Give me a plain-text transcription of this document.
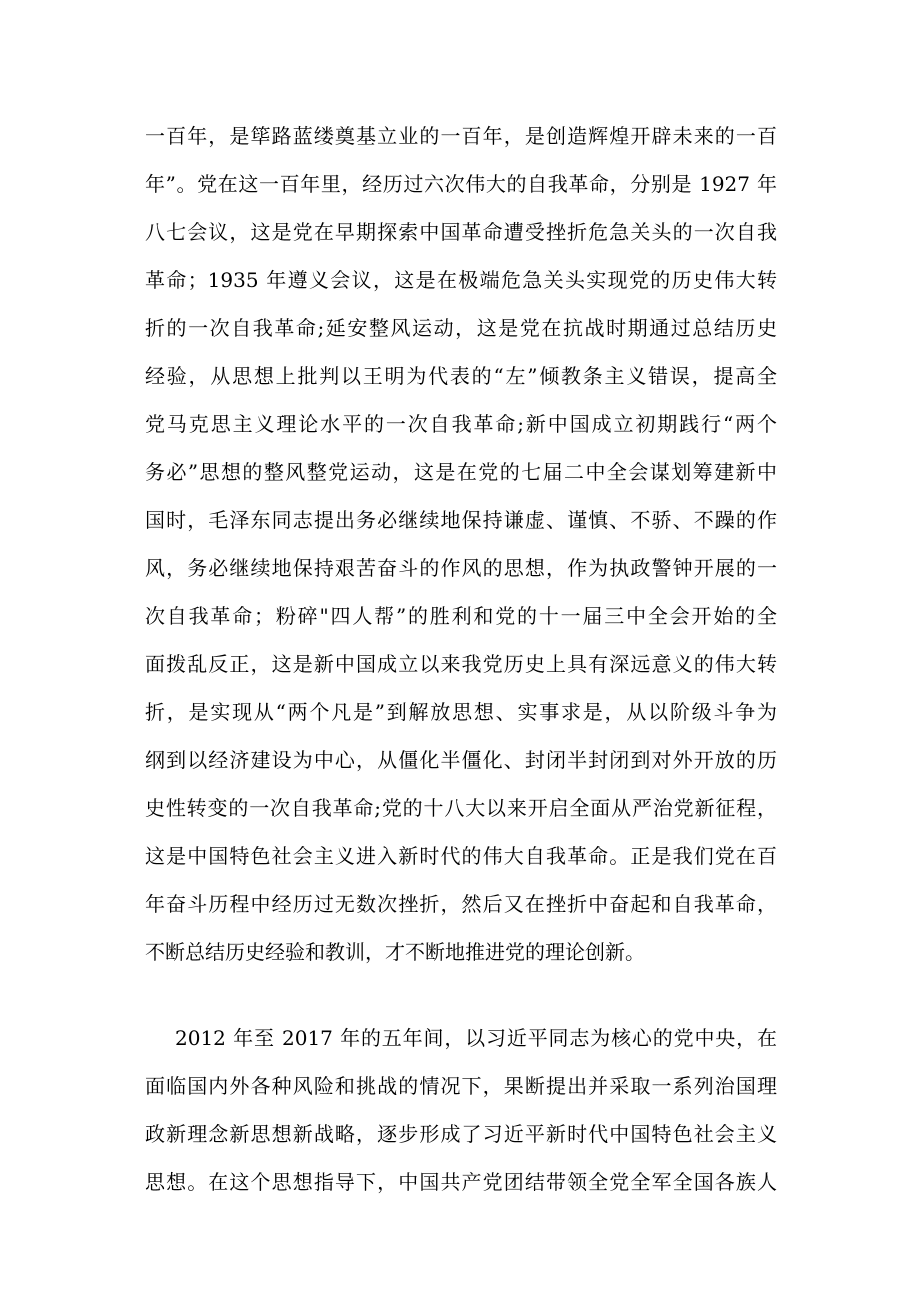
一百年，是筚路蓝缕奠基立业的一百年，是创造辉煌开辟未来的一百
年”。党在这一百年里，经历过六次伟大的自我革命，分别是 1927 年
八七会议，这是党在早期探索中国革命遭受挫折危急关头的一次自我
革命；1935 年遵义会议，这是在极端危急关头实现党的历史伟大转
折的一次自我革命;延安整风运动，这是党在抗战时期通过总结历史
经验，从思想上批判以王明为代表的“左”倾教条主义错误，提高全
党马克思主义理论水平的一次自我革命;新中国成立初期践行“两个
务必”思想的整风整党运动，这是在党的七届二中全会谋划筹建新中
国时，毛泽东同志提出务必继续地保持谦虚、谨慎、不骄、不躁的作
风，务必继续地保持艰苦奋斗的作风的思想，作为执政警钟开展的一
次自我革命；粉碎"四人帮”的胜利和党的十一届三中全会开始的全
面拨乱反正，这是新中国成立以来我党历史上具有深远意义的伟大转
折，是实现从“两个凡是”到解放思想、实事求是，从以阶级斗争为
纲到以经济建设为中心，从僵化半僵化、封闭半封闭到对外开放的历
史性转变的一次自我革命;党的十八大以来开启全面从严治党新征程，
这是中国特色社会主义进入新时代的伟大自我革命。正是我们党在百
年奋斗历程中经历过无数次挫折，然后又在挫折中奋起和自我革命，
不断总结历史经验和教训，才不断地推进党的理论创新。
2012 年至 2017 年的五年间，以习近平同志为核心的党中央，在
面临国内外各种风险和挑战的情况下，果断提出并采取一系列治国理
政新理念新思想新战略，逐步形成了习近平新时代中国特色社会主义
思想。在这个思想指导下，中国共产党团结带领全党全军全国各族人
